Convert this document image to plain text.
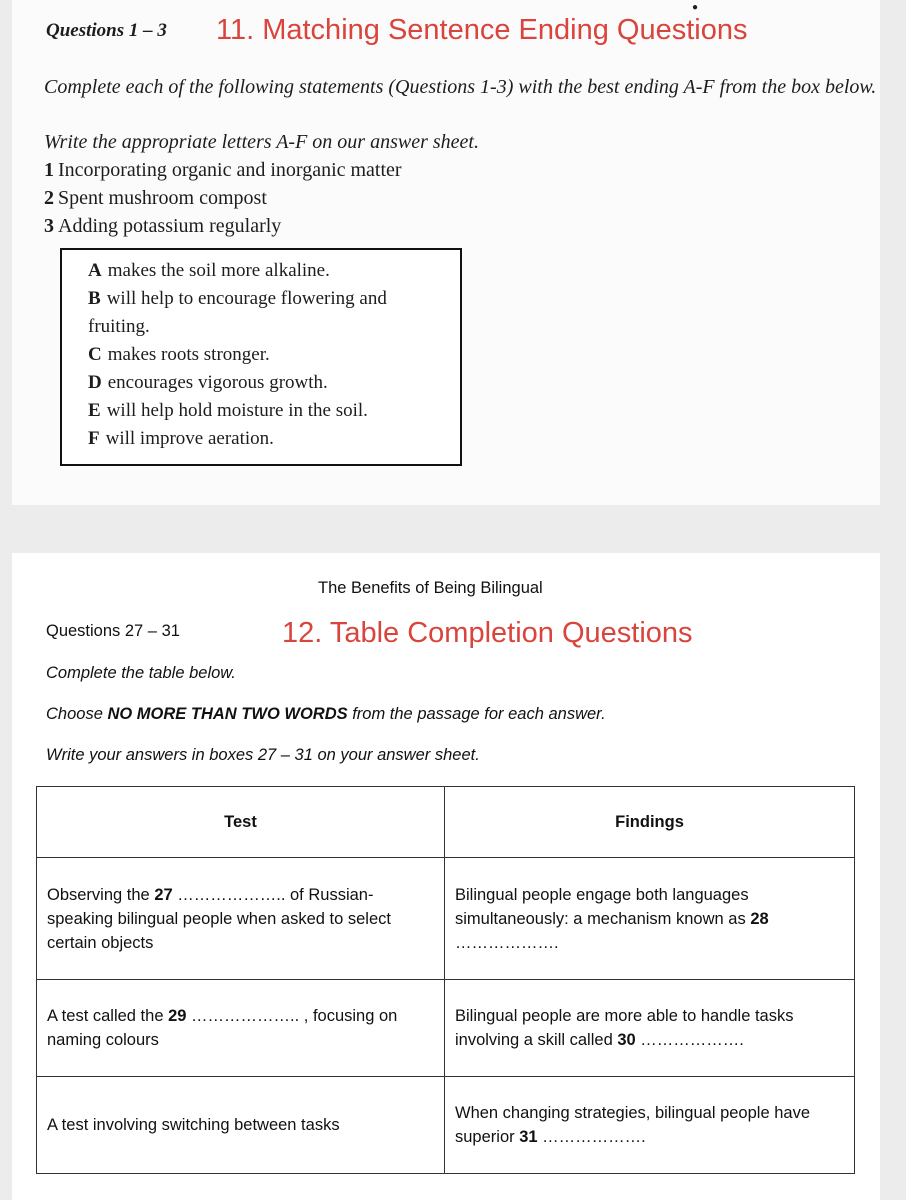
Questions 1 – 3 11. Matching Sentence Ending Questions
●
Complete each of the following statements (Questions 1-3) with the best ending A-F from the box below.
Write the appropriate letters A-F on our answer sheet.
1 Incorporating organic and inorganic matter
2 Spent mushroom compost
3 Adding potassium regularly
A makes the soil more alkaline.
B will help to encourage flowering and
fruiting.
C makes roots stronger.
D encourages vigorous growth.
E will help hold moisture in the soil.
F will improve aeration.
The Benefits of Being Bilingual
Questions 27 – 31	12. Table Completion Questions
Complete the table below.
Choose NO MORE THAN TWO WORDS from the passage for each answer.
Write your answers in boxes 27 – 31 on your answer sheet.
Test	Findings
Observing the 27 ……………….. of Russian-speaking bilingual people when asked to select certain objects	Bilingual people engage both languages simultaneously: a mechanism known as 28 ……………….
A test called the 29 ……………….. , focusing on naming colours	Bilingual people are more able to handle tasks involving a skill called 30 ……………….
A test involving switching between tasks	When changing strategies, bilingual people have superior 31 ……………….
